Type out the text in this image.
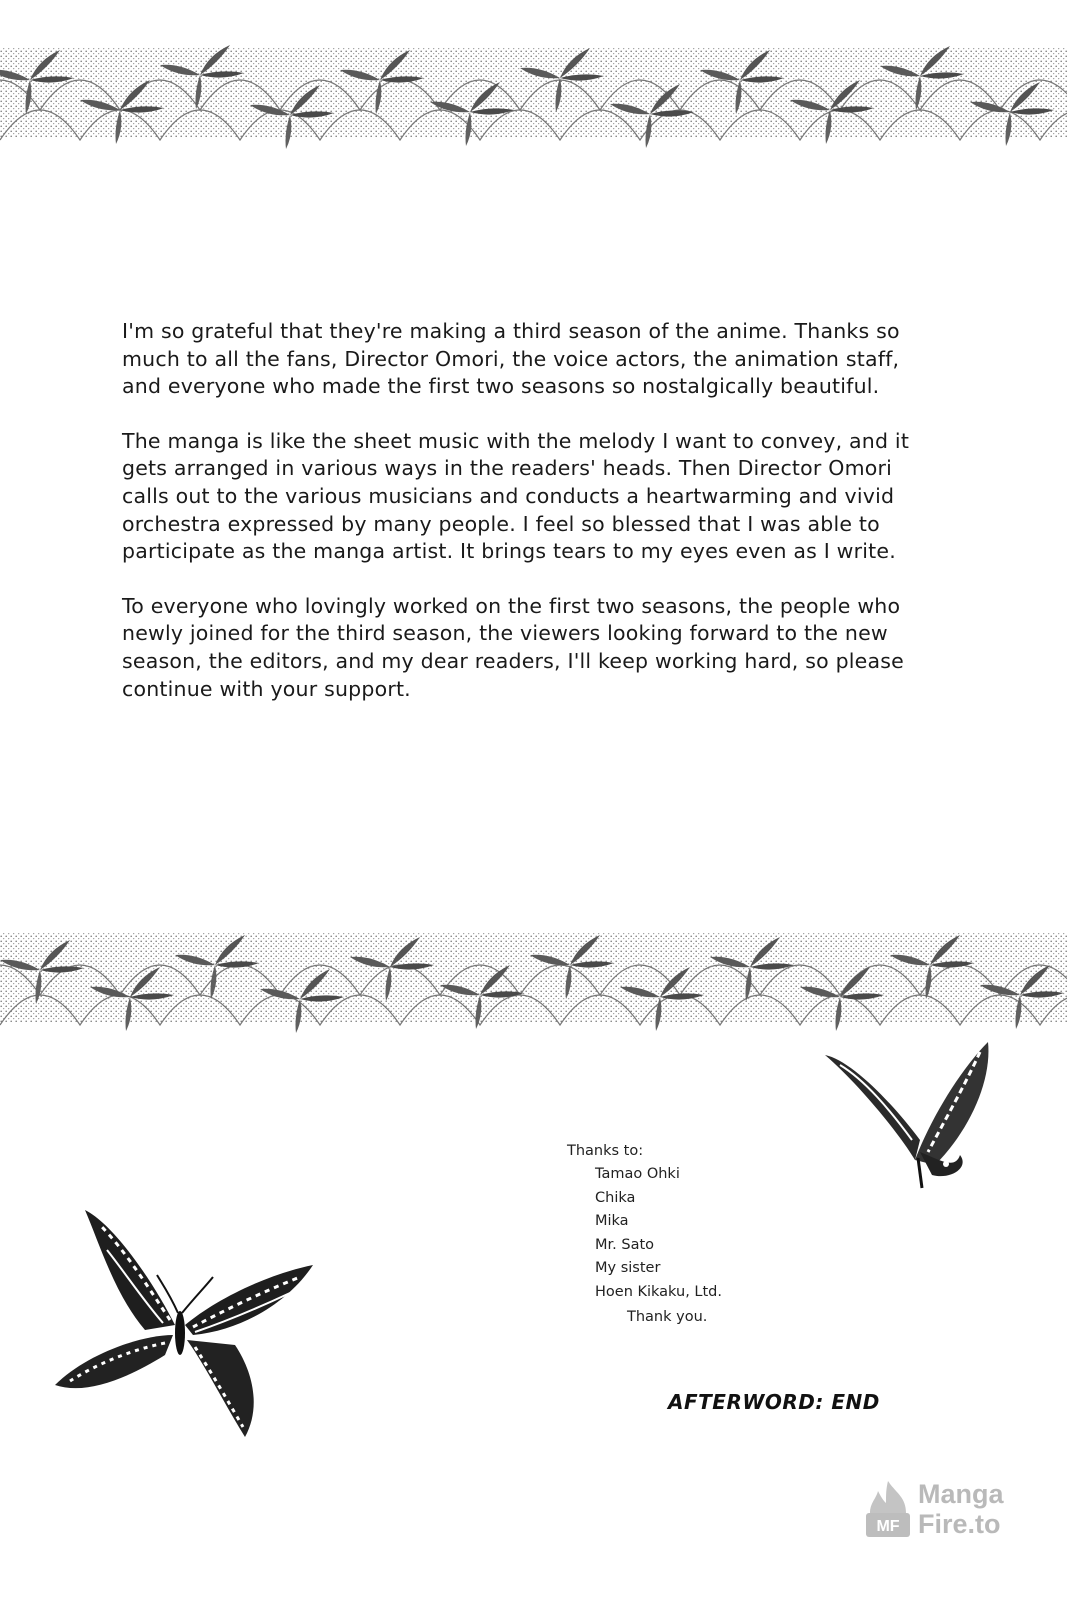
I'm so grateful that they're making a third season of the anime. Thanks so much to all the fans, Director Omori, the voice actors, the animation staff, and everyone who made the first two seasons so nostalgically beautiful.

The manga is like the sheet music with the melody I want to convey, and it gets arranged in various ways in the readers' heads. Then Director Omori calls out to the various musicians and conducts a heartwarming and vivid orchestra expressed by many people. I feel so blessed that I was able to participate as the manga artist. It brings tears to my eyes even as I write.

To everyone who lovingly worked on the first two seasons, the people who newly joined for the third season, the viewers looking forward to the new season, the editors, and my dear readers, I'll keep working hard, so please continue with your support.

Thanks to:
Tamao Ohki
Chika
Mika
Mr. Sato
My sister
Hoen Kikaku, Ltd.
Thank you.
AFTERWORD: END
MF
Manga
Fire.to
